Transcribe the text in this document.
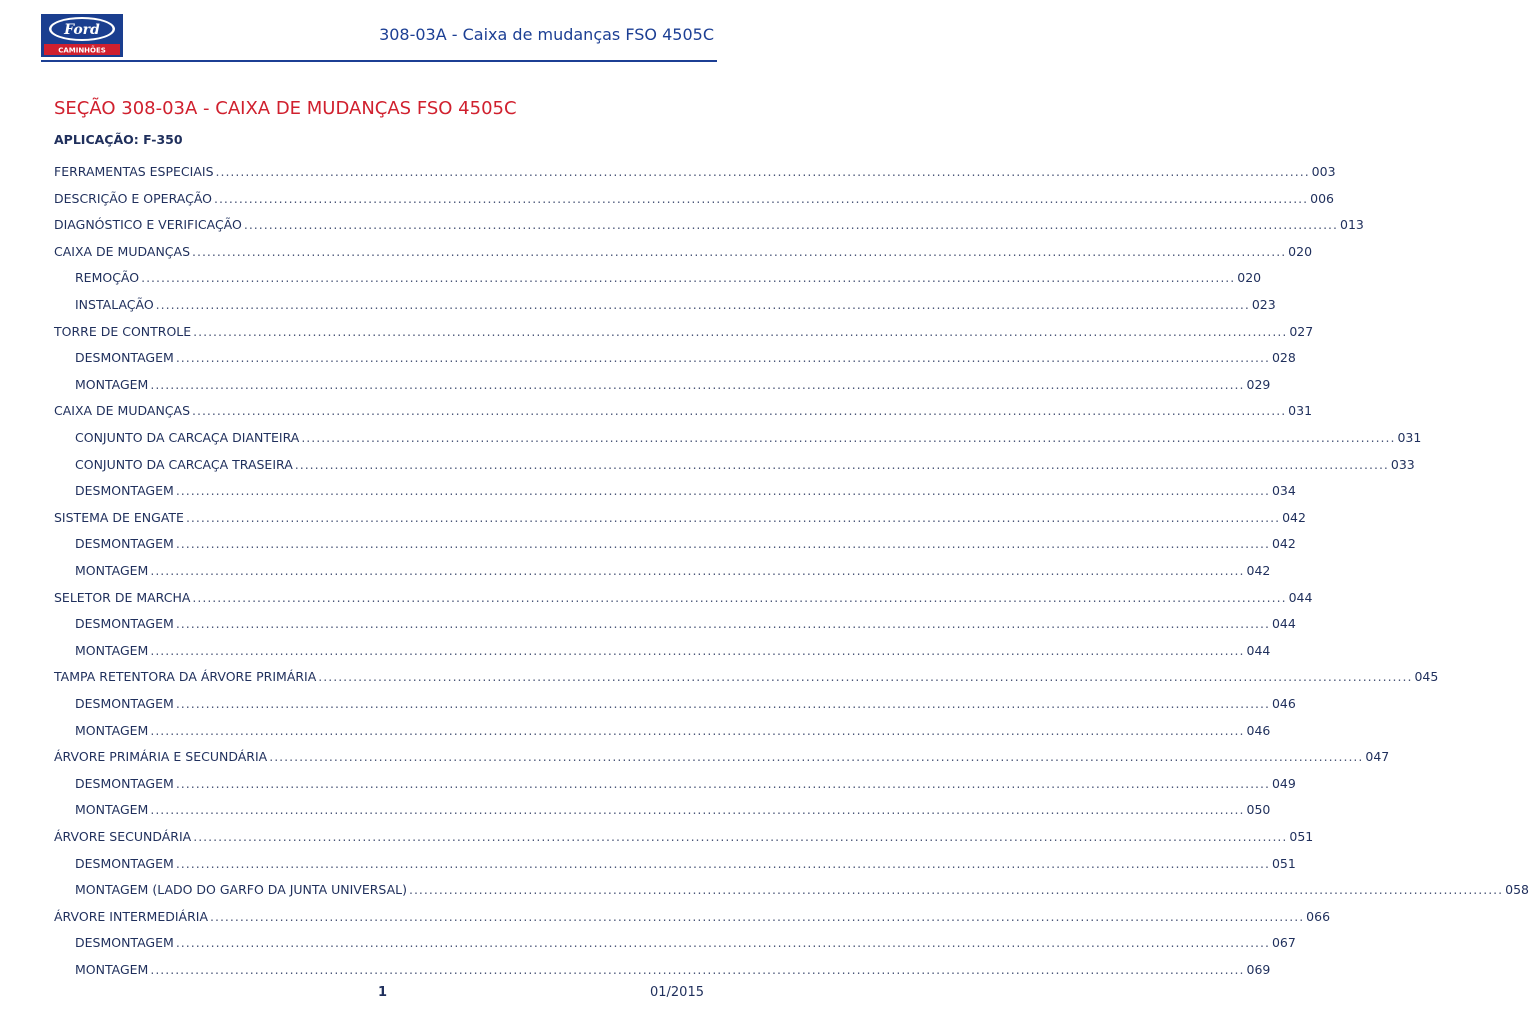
Ford
CAMINHÕES
308-03A - Caixa de mudanças FSO 4505C
SEÇÃO 308-03A - CAIXA DE MUDANÇAS FSO 4505C
APLICAÇÃO: F-350
FERRAMENTAS ESPECIAIS ............................................................................................................................................................................................................................ 003
DESCRIÇÃO E OPERAÇÃO ............................................................................................................................................................................................................................ 006
DIAGNÓSTICO E VERIFICAÇÃO ............................................................................................................................................................................................................................ 013
CAIXA DE MUDANÇAS ............................................................................................................................................................................................................................ 020
REMOÇÃO ............................................................................................................................................................................................................................ 020
INSTALAÇÃO ............................................................................................................................................................................................................................ 023
TORRE DE CONTROLE ............................................................................................................................................................................................................................ 027
DESMONTAGEM ............................................................................................................................................................................................................................ 028
MONTAGEM ............................................................................................................................................................................................................................ 029
CAIXA DE MUDANÇAS ............................................................................................................................................................................................................................ 031
CONJUNTO DA CARCAÇA DIANTEIRA ............................................................................................................................................................................................................................ 031
CONJUNTO DA CARCAÇA TRASEIRA ............................................................................................................................................................................................................................ 033
DESMONTAGEM ............................................................................................................................................................................................................................ 034
SISTEMA DE ENGATE ............................................................................................................................................................................................................................ 042
DESMONTAGEM ............................................................................................................................................................................................................................ 042
MONTAGEM ............................................................................................................................................................................................................................ 042
SELETOR DE MARCHA ............................................................................................................................................................................................................................ 044
DESMONTAGEM ............................................................................................................................................................................................................................ 044
MONTAGEM ............................................................................................................................................................................................................................ 044
TAMPA RETENTORA DA ÁRVORE PRIMÁRIA ............................................................................................................................................................................................................................ 045
DESMONTAGEM ............................................................................................................................................................................................................................ 046
MONTAGEM ............................................................................................................................................................................................................................ 046
ÁRVORE PRIMÁRIA E SECUNDÁRIA ............................................................................................................................................................................................................................ 047
DESMONTAGEM ............................................................................................................................................................................................................................ 049
MONTAGEM ............................................................................................................................................................................................................................ 050
ÁRVORE SECUNDÁRIA ............................................................................................................................................................................................................................ 051
DESMONTAGEM ............................................................................................................................................................................................................................ 051
MONTAGEM (LADO DO GARFO DA JUNTA UNIVERSAL) ............................................................................................................................................................................................................................ 058
ÁRVORE INTERMEDIÁRIA ............................................................................................................................................................................................................................ 066
DESMONTAGEM ............................................................................................................................................................................................................................ 067
MONTAGEM ............................................................................................................................................................................................................................ 069
1	01/2015
